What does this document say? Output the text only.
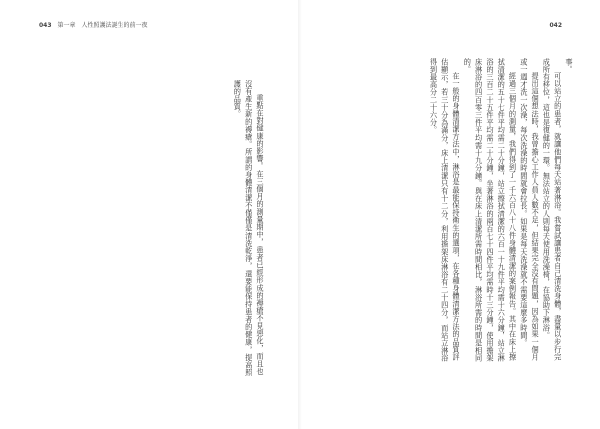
043 第一章 人性照護法誕生的前一夜

重點在對健康的影響。在三個月的測量期中，患者已經形成的褥瘡不見惡化，而且也沒有產生新的褥瘡。所謂的身體清潔不僅僅是清洗乾淨，還要能保持患者的健康，提高照護的品質。

042

事。

可以站立的患者，就讓他們每天站著淋浴。我嘗試讓患者自己清洗身體，盡量以步行完成所有移位，這也是復健的一環。無法站立的人則每天使用洗澡椅，在協助下淋浴。

提出這個想法時，我曾擔心工作人員人數不足，但結果完全沒有問題，因為如果一個月或一週才洗一次澡，每次洗澡的時間就會拉長。如果是每天洗澡就不需要這麼多時間。

經過三個月的測量，我們得到了一千六百八十八件身體清潔的案例報告。其中在床上擦拭清潔的五十七件平均需二十分鐘，站立擦拭清潔的六百一十九件平均需十六分鐘，站立淋浴的三百二十五件平均需二十分鐘，坐著淋浴的兩百七十四件平均需時十三分鐘，使用擔架床淋浴的四百零三件平均需十九分鐘。與在床上清潔所需時間相比，淋浴所需的時間是相同的。

在一般的身體清潔方法中，淋浴是最能保持衛生的選項，在各種身體清潔方法的品質評估顯示，若三十分為滿分，床上清潔只有十二分，利用擔架床淋浴有二十四分，而站立淋浴得到最高分二十六分。
